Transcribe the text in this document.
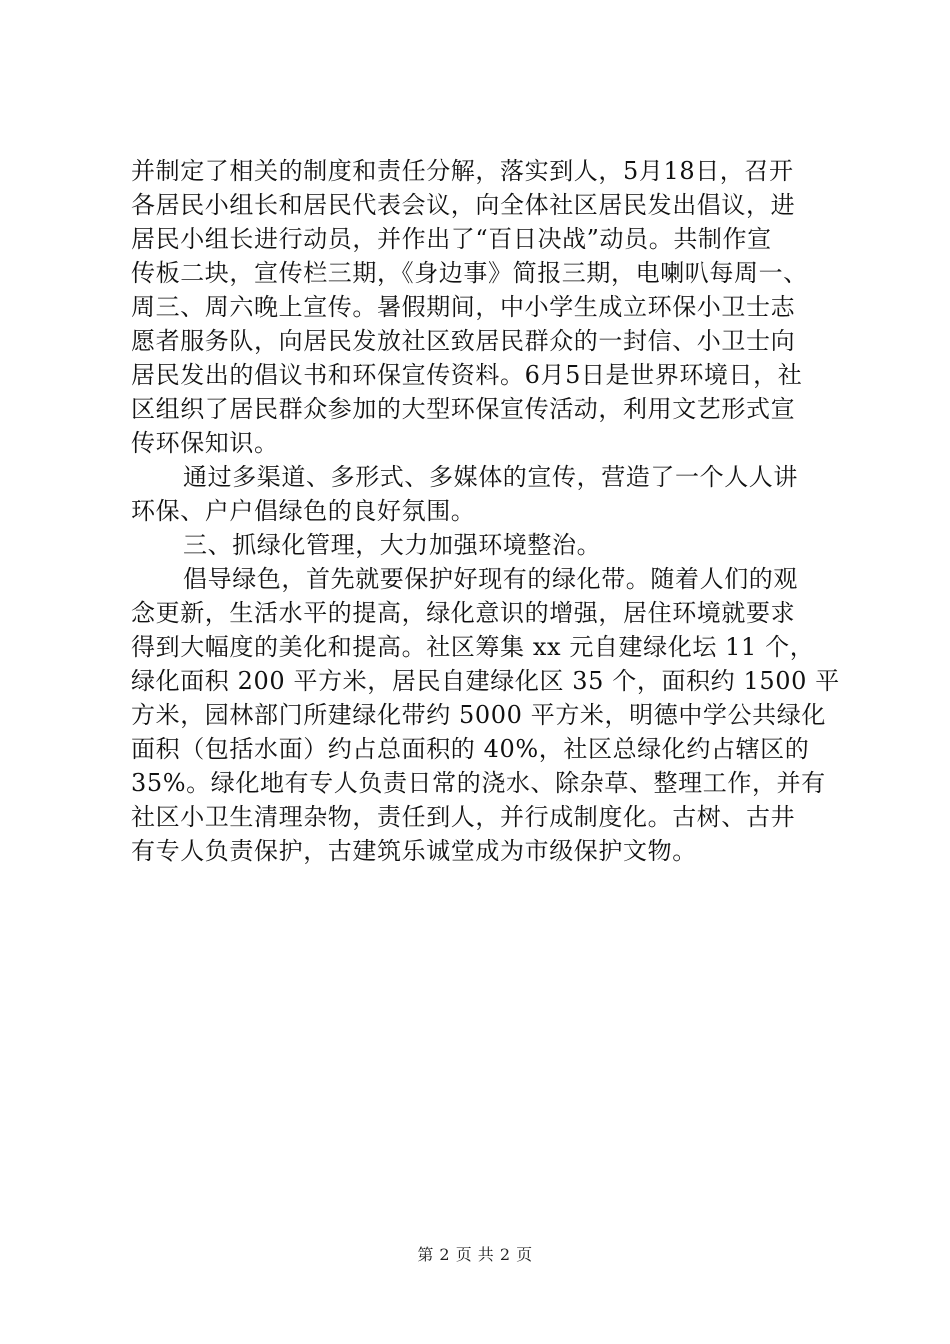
并制定了相关的制度和责任分解，落实到人，5月18日，召开
各居民小组长和居民代表会议，向全体社区居民发出倡议，进
居民小组长进行动员，并作出了“百日决战”动员。共制作宣
传板二块，宣传栏三期，《身边事》简报三期，电喇叭每周一、
周三、周六晚上宣传。暑假期间，中小学生成立环保小卫士志
愿者服务队，向居民发放社区致居民群众的一封信、小卫士向
居民发出的倡议书和环保宣传资料。6月5日是世界环境日，社
区组织了居民群众参加的大型环保宣传活动，利用文艺形式宣
传环保知识。
通过多渠道、多形式、多媒体的宣传，营造了一个人人讲
环保、户户倡绿色的良好氛围。
三、抓绿化管理，大力加强环境整治。
倡导绿色，首先就要保护好现有的绿化带。随着人们的观
念更新，生活水平的提高，绿化意识的增强，居住环境就要求
得到大幅度的美化和提高。社区筹集 xx 元自建绿化坛 11 个，
绿化面积 200 平方米，居民自建绿化区 35 个，面积约 1500 平
方米，园林部门所建绿化带约 5000 平方米，明德中学公共绿化
面积（包括水面）约占总面积的 40%，社区总绿化约占辖区的
35%。绿化地有专人负责日常的浇水、除杂草、整理工作，并有
社区小卫生清理杂物，责任到人，并行成制度化。古树、古井
有专人负责保护，古建筑乐诚堂成为市级保护文物。
第 2 页 共 2 页
